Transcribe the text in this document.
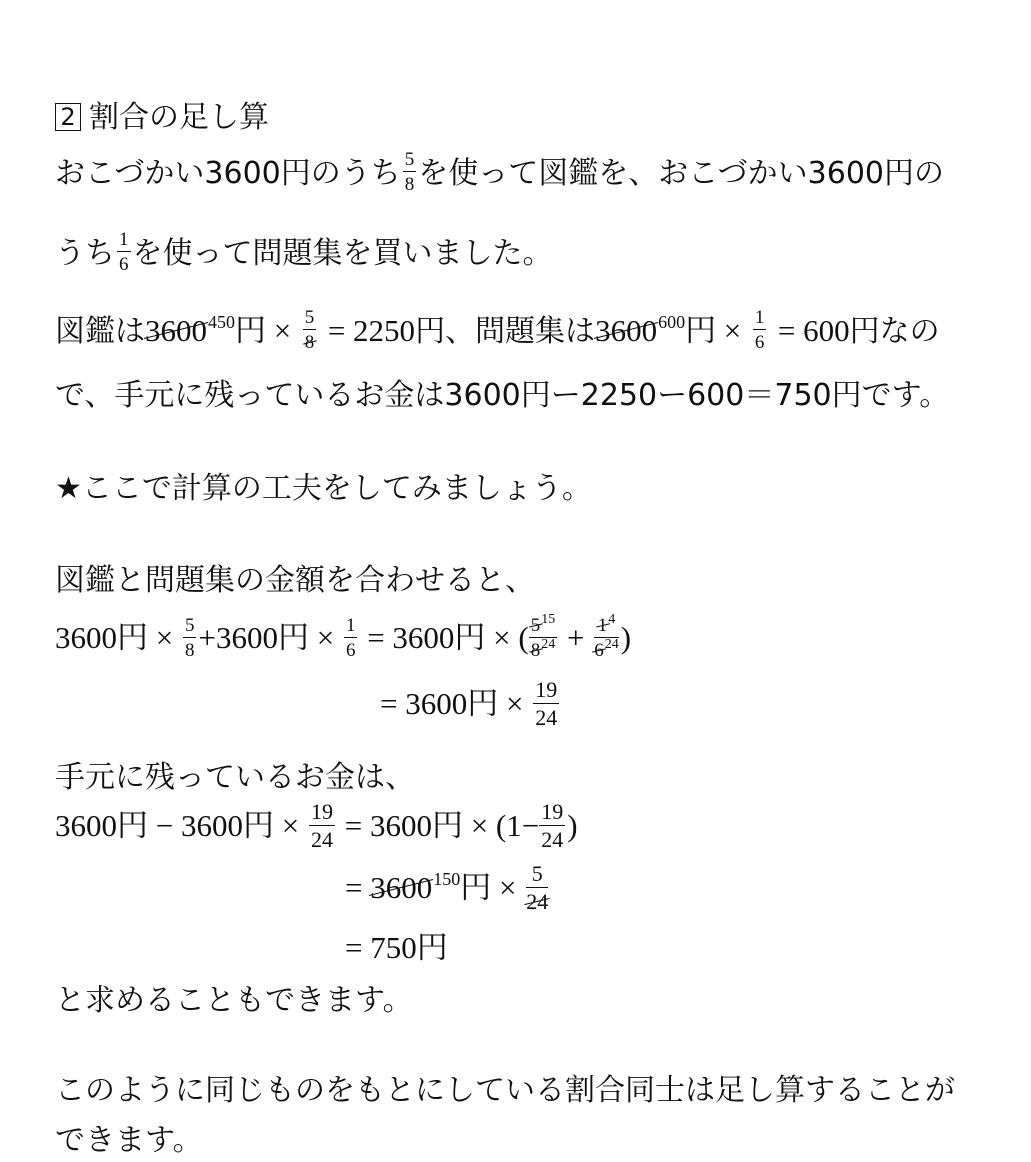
2 割合の足し算
おこづかい3600円のうち $\frac{5}{8}$ を使って図鑑を、おこづかい3600円の
うち $\frac{1}{6}$ を使って問題集を買いました。
図鑑は3600$^{450}$円 × $\frac{5}{8} = 2250$円、問題集は3600$^{600}$円 × $\frac{1}{6} = 600$円なの
で、手元に残っているお金は3600円ー2250ー600＝750円です。
★ここで計算の工夫をしてみましょう。
図鑑と問題集の金額を合わせると、
3600円 × $\frac{5}{8} +3600$円 × $\frac{1}{6} = 3600$円 × ( $\frac{5^{15}}{8^{24}} + \frac{1^4}{6^{24}}$ )
= 3600円 × $\frac{19}{24}$
手元に残っているお金は、
3600円 − 3600円 × $\frac{19}{24} = 3600$円 × ($1- \frac{19}{24}$ )
= $3600^{150}$円 × $\frac{5}{24}$
= 750円
と求めることもできます。
このように同じものをもとにしている割合同士は足し算することが
できます。
